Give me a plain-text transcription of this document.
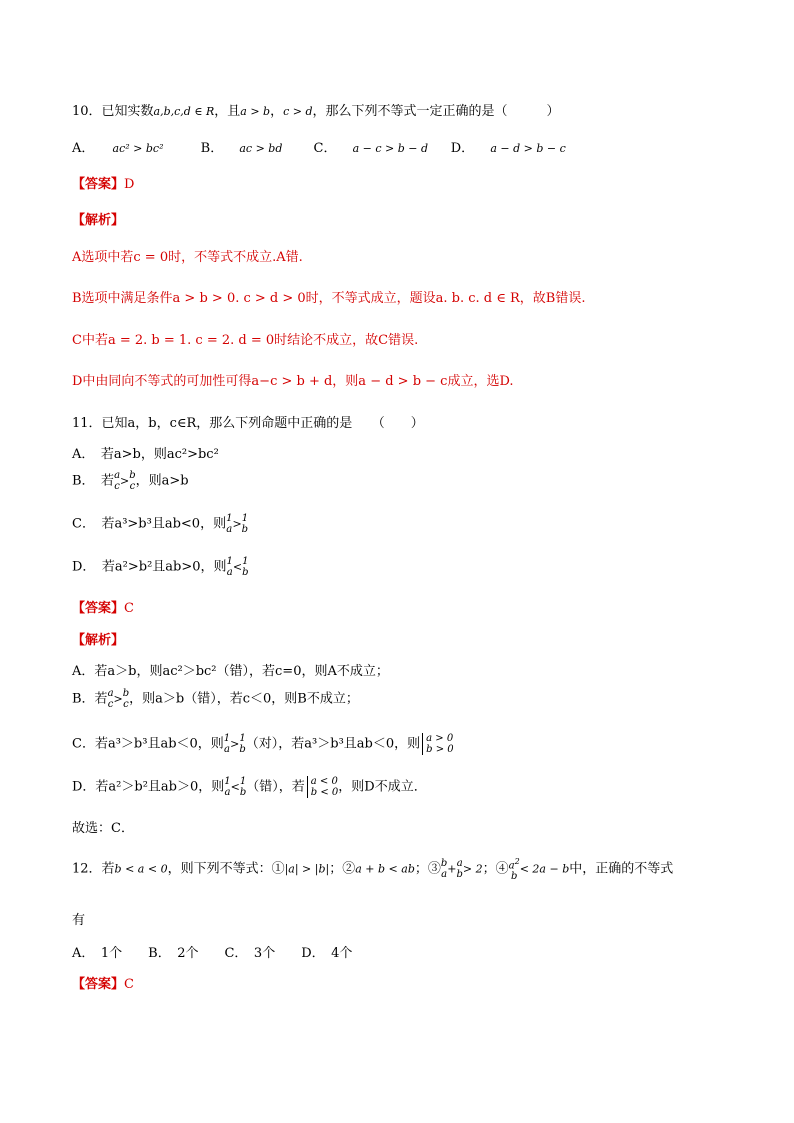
10．已知实数a,b,c,d ∈ R，且a > b，c > d，那么下列不等式一定正确的是（　　　）
A． ac² > bc²	B． ac > bd C． a − c > b − d D． a − d > b − c
【答案】D
【解析】
A选项中若c = 0时，不等式不成立.A错.
B选项中满足条件a > b > 0. c > d > 0时，不等式成立，题设a. b. c. d ∈ R，故B错误.
C中若a = 2. b = 1. c = 2. d = 0时结论不成立，故C错误.
D中由同向不等式的可加性可得a−c > b + d，则a − d > b − c成立，选D.
11．已知a，b，c∈R，那么下列命题中正确的是　　（　　）
A．　若a>b，则ac²>bc²
B．　若 a
c > b
c ，则a>b
C．　若a³>b³且ab<0，则 1
a > 1
b
D．　若a²>b²且ab>0，则 1
a < 1
b
【答案】C
【解析】
A．若a＞b，则ac²＞bc²（错），若c=0，则A不成立；
B．若 a
c > b
c ，则a＞b（错），若c＜0，则B不成立；
C．若a³＞b³且ab＜0，则 1
a > 1
b （对），若a³＞b³且ab＜0，则 a > 0
b > 0
D．若a²＞b²且ab＞0，则 1
a < 1
b （错），若 a < 0
b < 0 ，则D不成立．
故选：C．
12．若b < a < 0，则下列不等式：①|a| > |b|；②a + b < ab；③ b
a + a
b > 2；④ $a^2$
b
< 2a − b中，正确的不等式
有
A．　1个　　B．　2个　　C．　3个　　D．　4个
【答案】C
